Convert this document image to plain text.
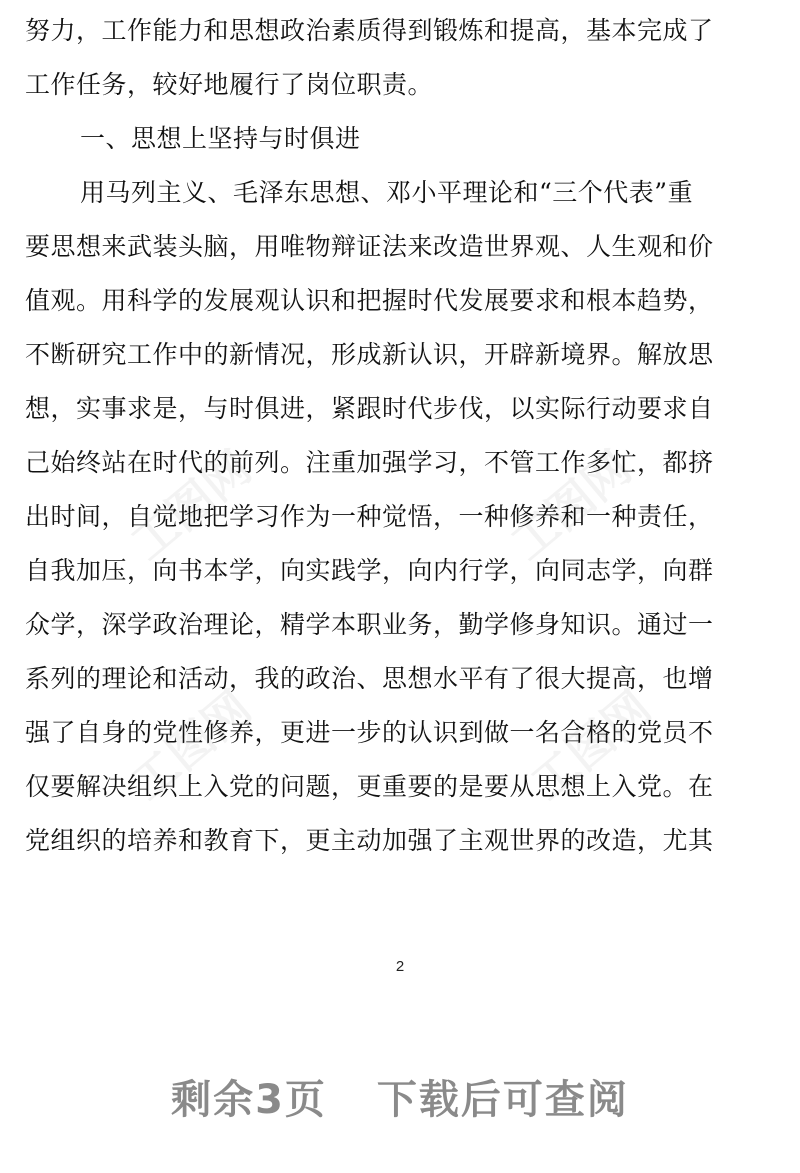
工图网	工图网
工图网	工图网
努力，工作能力和思想政治素质得到锻炼和提高，基本完成了
工作任务，较好地履行了岗位职责。
一、思想上坚持与时俱进
用马列主义、毛泽东思想、邓小平理论和“三个代表”重
要思想来武装头脑，用唯物辩证法来改造世界观、人生观和价
值观。用科学的发展观认识和把握时代发展要求和根本趋势，
不断研究工作中的新情况，形成新认识，开辟新境界。解放思
想，实事求是，与时俱进，紧跟时代步伐，以实际行动要求自
己始终站在时代的前列。注重加强学习，不管工作多忙，都挤
出时间，自觉地把学习作为一种觉悟，一种修养和一种责任，
自我加压，向书本学，向实践学，向内行学，向同志学，向群
众学，深学政治理论，精学本职业务，勤学修身知识。通过一
系列的理论和活动，我的政治、思想水平有了很大提高，也增
强了自身的党性修养，更进一步的认识到做一名合格的党员不
仅要解决组织上入党的问题，更重要的是要从思想上入党。在
党组织的培养和教育下，更主动加强了主观世界的改造，尤其
2
剩余3页 下载后可查阅
